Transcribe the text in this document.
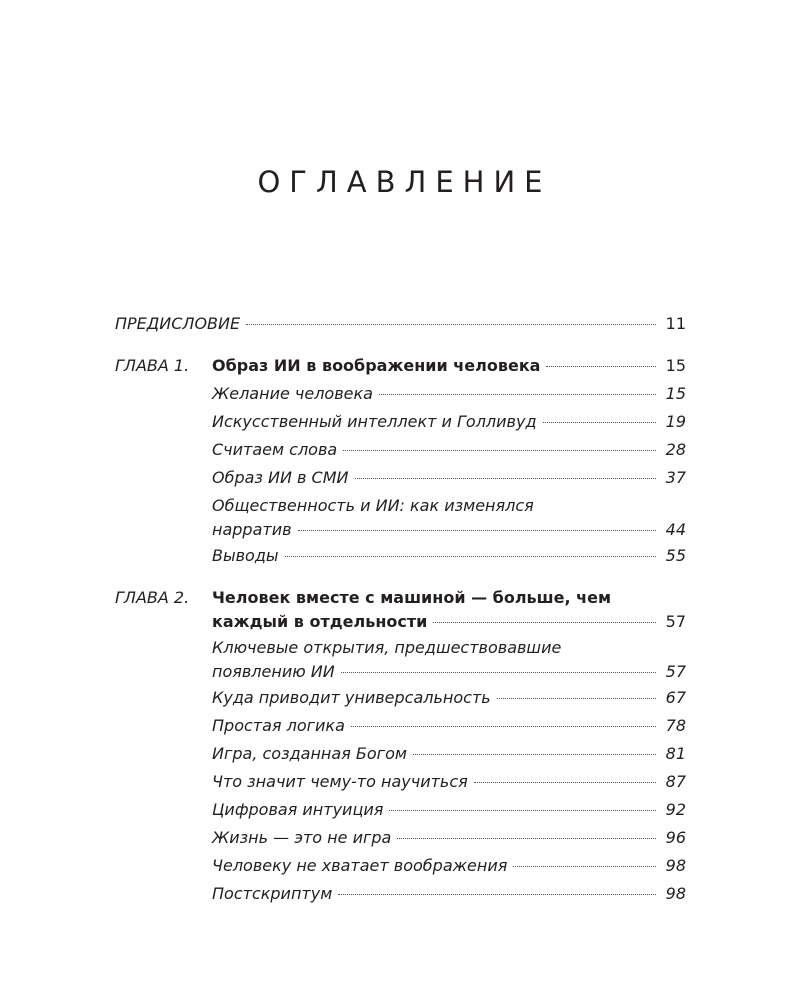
ОГЛАВЛЕНИЕ
ПРЕДИСЛОВИЕ	11
ГЛАВА 1. Образ ИИ в воображении человека	15
Желание человека	15
Искусственный интеллект и Голливуд	19
Считаем слова	28
Образ ИИ в СМИ	37
Общественность и ИИ: как изменялся
нарратив	44
Выводы	55
ГЛАВА 2. Человек вместе с машиной — больше, чем
каждый в отдельности	57
Ключевые открытия, предшествовавшие
появлению ИИ	57
Куда приводит универсальность	67
Простая логика	78
Игра, созданная Богом	81
Что значит чему-то научиться	87
Цифровая интуиция	92
Жизнь — это не игра	96
Человеку не хватает воображения	98
Постскриптум	98
